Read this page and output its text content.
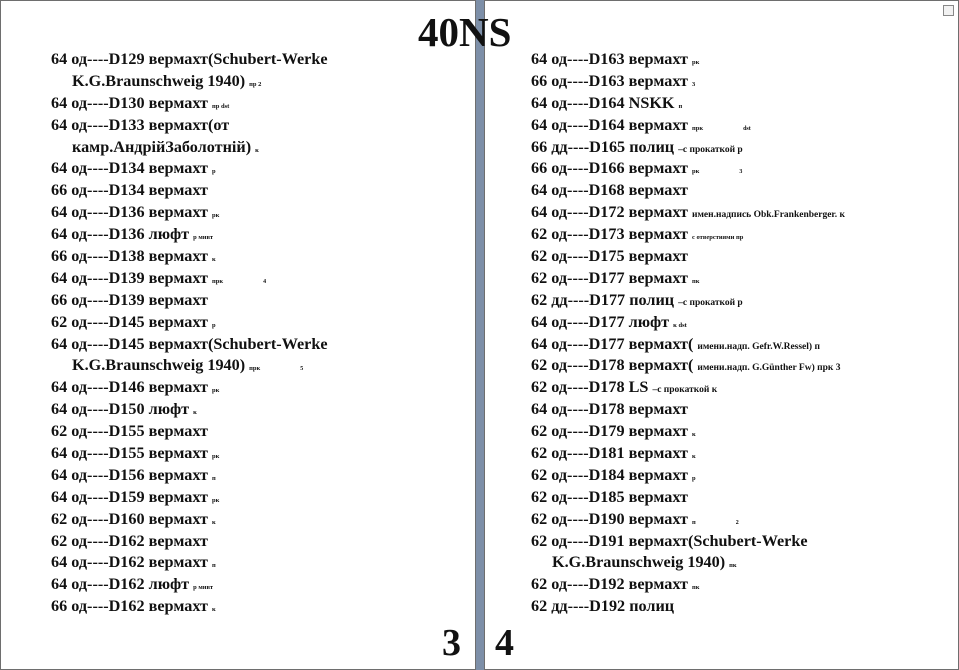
64 од----D129 вермахт(Schubert-Werke
K.G.Braunschweig 1940) пр 2
64 од----D130 вермахт пр dst
64 од----D133 вермахт(от
камр.АндрійЗаболотній) к
64 од----D134 вермахт р
66 од----D134 вермахт
64 од----D136 вермахт рк
64 од----D136 люфт р мнвт
66 од----D138 вермахт к
64 од----D139 вермахт прк	4
66 од----D139 вермахт
62 од----D145 вермахт р
64 од----D145 вермахт(Schubert-Werke
K.G.Braunschweig 1940) прк	5
64 од----D146 вермахт рк
64 од----D150 люфт к
62 од----D155 вермахт
64 од----D155 вермахт рк
64 од----D156 вермахт п
64 од----D159 вермахт рк
62 од----D160 вермахт к
62 од----D162 вермахт
64 од----D162 вермахт п
64 од----D162 люфт р мнвт
66 од----D162 вермахт к
3
64 од----D163 вермахт рк
66 од----D163 вермахт 3
64 од----D164 NSKK п
64 од----D164 вермахт прк	dst
66 дд----D165 полиц –с прокаткой р
66 од----D166 вермахт рк	3
64 од----D168 вермахт
64 од----D172 вермахт имен.надпись Obk.Frankenberger. к
62 од----D173 вермахт с отверстиями пр
62 од----D175 вермахт
62 од----D177 вермахт пк
62 дд----D177 полиц –с прокаткой р
64 од----D177 люфт к dst
64 од----D177 вермахт( имени.надп. Gefr.W.Ressel) п
62 од----D178 вермахт( имени.надп. G.Günther Fw) прк 3
62 од----D178 LS –с прокаткой к
64 од----D178 вермахт
62 од----D179 вермахт к
62 од----D181 вермахт к
62 од----D184 вермахт р
62 од----D185 вермахт
62 од----D190 вермахт п	2
62 од----D191 вермахт(Schubert-Werke
K.G.Braunschweig 1940) пк
62 од----D192 вермахт пк
62 дд----D192 полиц
4
40NS
